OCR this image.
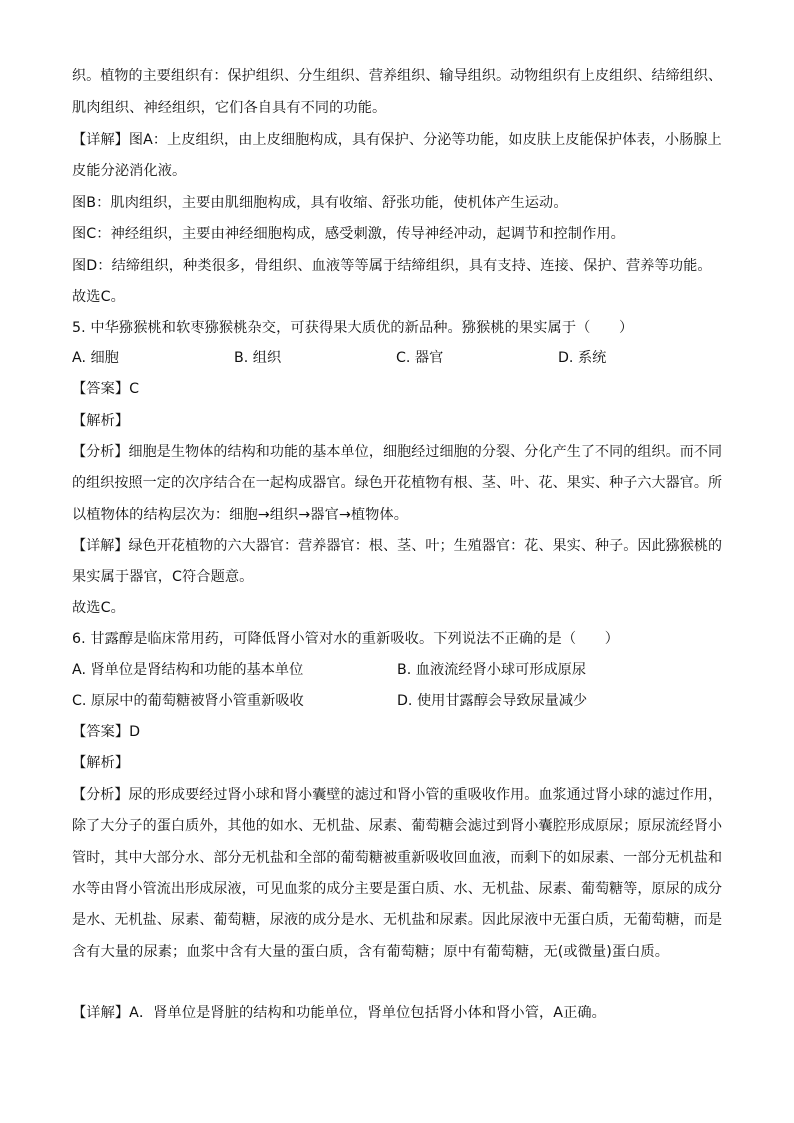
织。植物的主要组织有：保护组织、分生组织、营养组织、输导组织。动物组织有上皮组织、结缔组织、
肌肉组织、神经组织，它们各自具有不同的功能。
【详解】图A：上皮组织，由上皮细胞构成，具有保护、分泌等功能，如皮肤上皮能保护体表，小肠腺上
皮能分泌消化液。
图B：肌肉组织，主要由肌细胞构成，具有收缩、舒张功能，使机体产生运动。
图C：神经组织，主要由神经细胞构成，感受刺激，传导神经冲动，起调节和控制作用。
图D：结缔组织，种类很多，骨组织、血液等等属于结缔组织，具有支持、连接、保护、营养等功能。
故选C。
5. 中华猕猴桃和软枣猕猴桃杂交，可获得果大质优的新品种。猕猴桃的果实属于（　　）
A. 细胞	B. 组织	C. 器官	D. 系统
【答案】C
【解析】
【分析】细胞是生物体的结构和功能的基本单位，细胞经过细胞的分裂、分化产生了不同的组织。而不同
的组织按照一定的次序结合在一起构成器官。绿色开花植物有根、茎、叶、花、果实、种子六大器官。所
以植物体的结构层次为：细胞→组织→器官→植物体。
【详解】绿色开花植物的六大器官：营养器官：根、茎、叶；生殖器官：花、果实、种子。因此猕猴桃的
果实属于器官，C符合题意。
故选C。
6. 甘露醇是临床常用药，可降低肾小管对水的重新吸收。下列说法不正确的是（　　）
A. 肾单位是肾结构和功能的基本单位	B. 血液流经肾小球可形成原尿
C. 原尿中的葡萄糖被肾小管重新吸收	D. 使用甘露醇会导致尿量减少
【答案】D
【解析】
【分析】尿的形成要经过肾小球和肾小囊壁的滤过和肾小管的重吸收作用。血浆通过肾小球的滤过作用，
除了大分子的蛋白质外，其他的如水、无机盐、尿素、葡萄糖会滤过到肾小囊腔形成原尿；原尿流经肾小
管时，其中大部分水、部分无机盐和全部的葡萄糖被重新吸收回血液，而剩下的如尿素、一部分无机盐和
水等由肾小管流出形成尿液，可见血浆的成分主要是蛋白质、水、无机盐、尿素、葡萄糖等，原尿的成分
是水、无机盐、尿素、葡萄糖，尿液的成分是水、无机盐和尿素。因此尿液中无蛋白质，无葡萄糖，而是
含有大量的尿素；血浆中含有大量的蛋白质，含有葡萄糖；原中有葡萄糖，无(或微量)蛋白质。
【详解】A．肾单位是肾脏的结构和功能单位，肾单位包括肾小体和肾小管，A正确。
